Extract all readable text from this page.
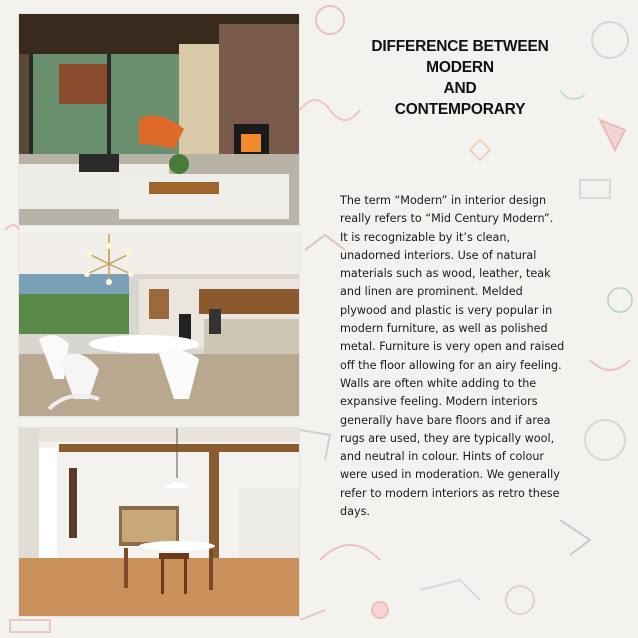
DIFFERENCE BETWEEN
MODERN
AND
CONTEMPORARY

The term “Modern” in interior design
really refers to “Mid Century Modern”.
It is recognizable by it’s clean,
unadorned interiors. Use of natural
materials such as wood, leather, teak
and linen are prominent. Melded
plywood and plastic is very popular in
modern furniture, as well as polished
metal. Furniture is very open and raised
off the floor allowing for an airy feeling.
Walls are often white adding to the
expansive feeling. Modern interiors
generally have bare floors and if area
rugs are used, they are typically wool,
and neutral in colour. Hints of colour
were used in moderation. We generally
refer to modern interiors as retro these
days.
